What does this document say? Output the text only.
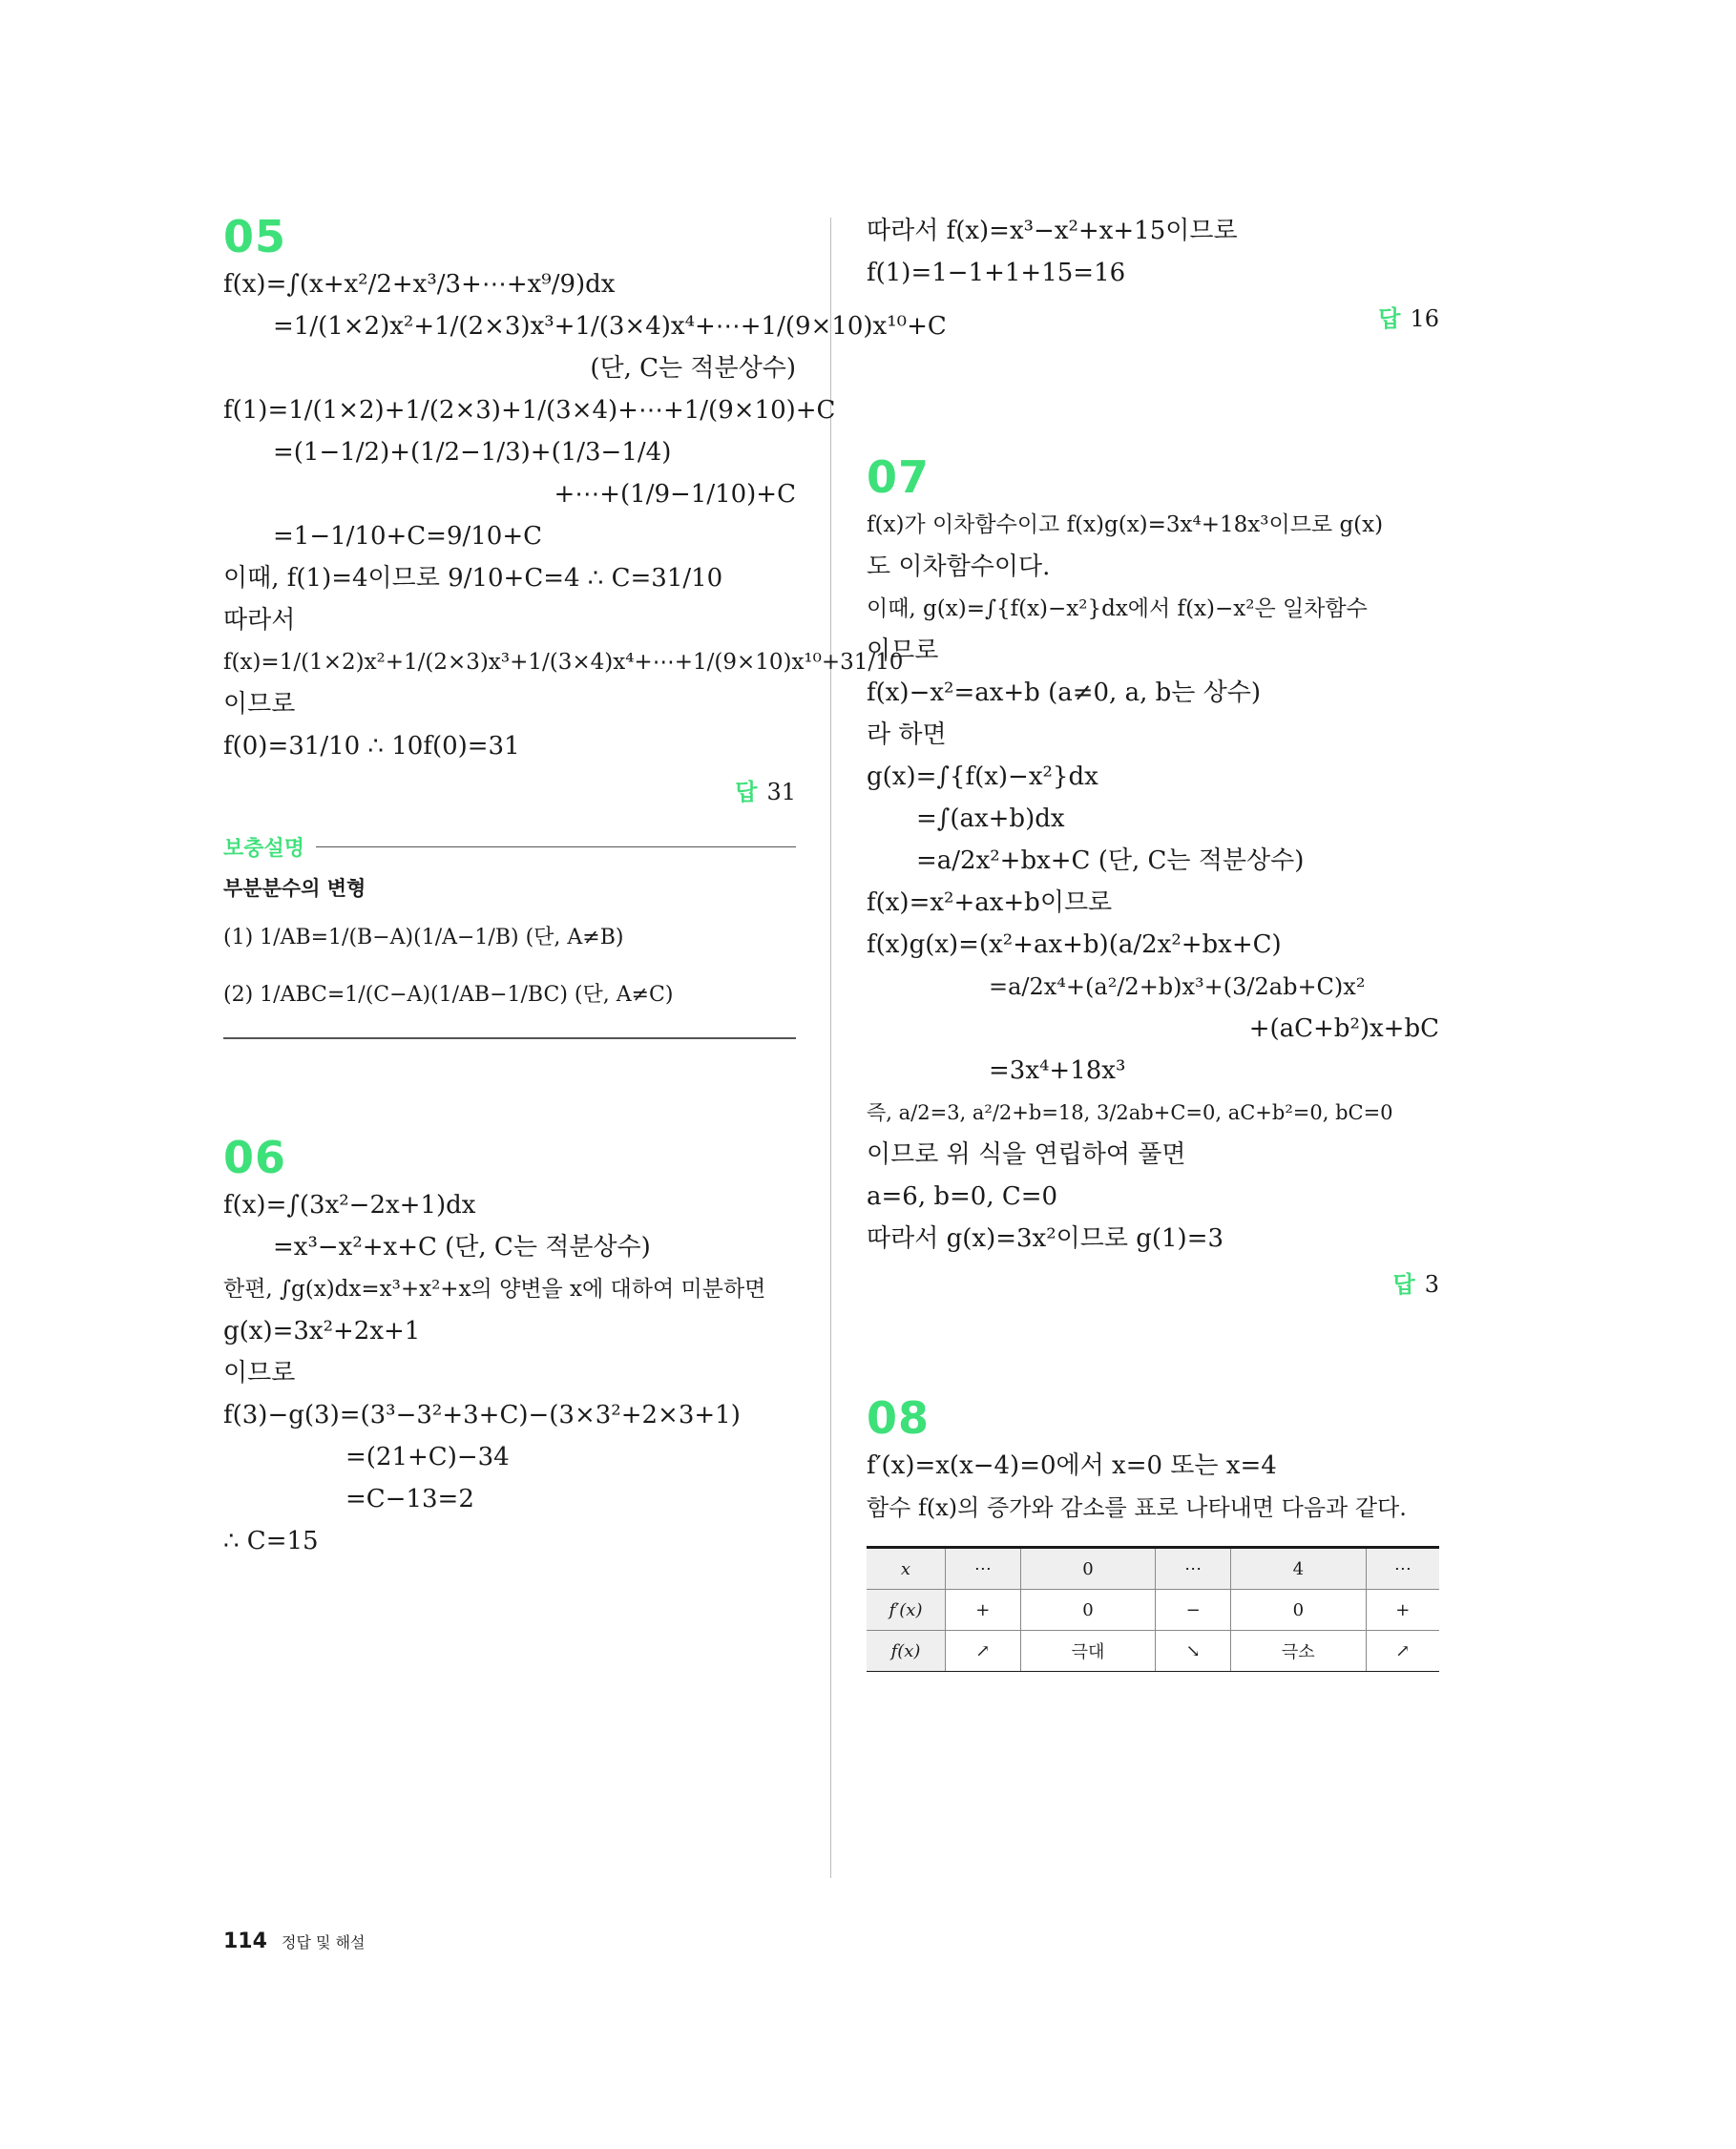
05
f(x)=∫(x+x²/2+x³/3+⋯+x⁹/9)dx
=1/(1×2)x²+1/(2×3)x³+1/(3×4)x⁴+⋯+1/(9×10)x¹⁰+C
(단, C는 적분상수)
f(1)=1/(1×2)+1/(2×3)+1/(3×4)+⋯+1/(9×10)+C
=(1−1/2)+(1/2−1/3)+(1/3−1/4)
+⋯+(1/9−1/10)+C
=1−1/10+C=9/10+C
이때, f(1)=4이므로 9/10+C=4 ∴ C=31/10
따라서
f(x)=1/(1×2)x²+1/(2×3)x³+1/(3×4)x⁴+⋯+1/(9×10)x¹⁰+31/10
이므로
f(0)=31/10 ∴ 10f(0)=31
답 31
보충설명
부분분수의 변형
(1) 1/AB=1/(B−A)(1/A−1/B) (단, A≠B)
(2) 1/ABC=1/(C−A)(1/AB−1/BC) (단, A≠C)
06
f(x)=∫(3x²−2x+1)dx
=x³−x²+x+C (단, C는 적분상수)
한편, ∫g(x)dx=x³+x²+x의 양변을 x에 대하여 미분하면
g(x)=3x²+2x+1
이므로
f(3)−g(3)=(3³−3²+3+C)−(3×3²+2×3+1)
=(21+C)−34
=C−13=2
∴ C=15
따라서 f(x)=x³−x²+x+15이므로
f(1)=1−1+1+15=16
답 16
07
f(x)가 이차함수이고 f(x)g(x)=3x⁴+18x³이므로 g(x)
도 이차함수이다.
이때, g(x)=∫{f(x)−x²}dx에서 f(x)−x²은 일차함수
이므로
f(x)−x²=ax+b (a≠0, a, b는 상수)
라 하면
g(x)=∫{f(x)−x²}dx
=∫(ax+b)dx
=a/2x²+bx+C (단, C는 적분상수)
f(x)=x²+ax+b이므로
f(x)g(x)=(x²+ax+b)(a/2x²+bx+C)
=a/2x⁴+(a²/2+b)x³+(3/2ab+C)x²
+(aC+b²)x+bC
=3x⁴+18x³
즉, a/2=3, a²/2+b=18, 3/2ab+C=0, aC+b²=0, bC=0
이므로 위 식을 연립하여 풀면
a=6, b=0, C=0
따라서 g(x)=3x²이므로 g(1)=3
답 3
08
f′(x)=x(x−4)=0에서 x=0 또는 x=4
함수 f(x)의 증가와 감소를 표로 나타내면 다음과 같다.
x	⋯	0	⋯	4	⋯
f′(x)	+	0	−	0	+
f(x)	↗	극대	↘	극소	↗
114 정답 및 해설
